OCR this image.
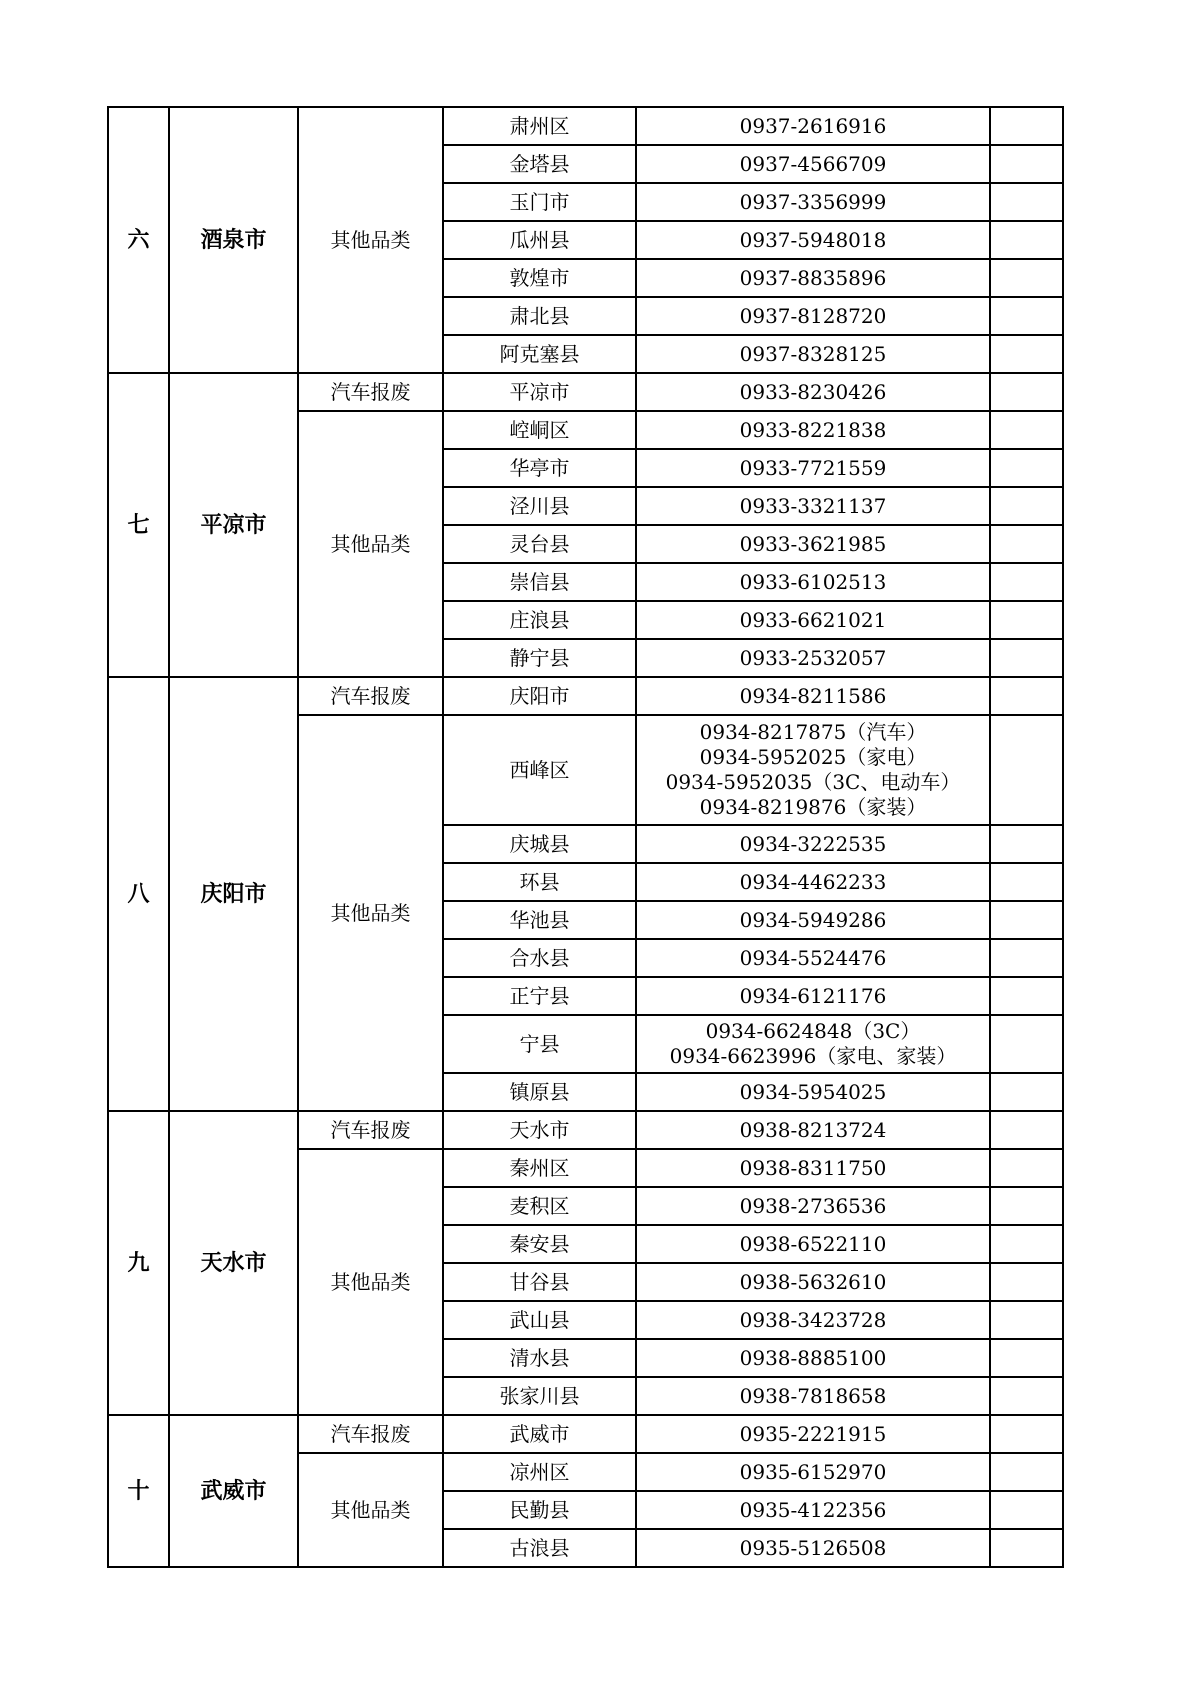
六	酒泉市	其他品类	肃州区	0937-2616916	

			金塔县	0937-4566709	

			玉门市	0937-3356999	

			瓜州县	0937-5948018	

			敦煌市	0937-8835896	

			肃北县	0937-8128720	

			阿克塞县	0937-8328125	

七	平凉市	汽车报废	平凉市	0933-8230426	

		其他品类	崆峒区	0933-8221838	

			华亭市	0933-7721559	

			泾川县	0933-3321137	

			灵台县	0933-3621985	

			崇信县	0933-6102513	

			庄浪县	0933-6621021	

			静宁县	0933-2532057	

八	庆阳市	汽车报废	庆阳市	0934-8211586	

		其他品类	西峰区	0934-8217875（汽车）
0934-5952025（家电）
0934-5952035（3C、电动车）
0934-8219876（家装）	

			庆城县	0934-3222535	

			环县	0934-4462233	

			华池县	0934-5949286	

			合水县	0934-5524476	

			正宁县	0934-6121176	

			宁县	0934-6624848（3C）
0934-6623996（家电、家装）	

			镇原县	0934-5954025	

九	天水市	汽车报废	天水市	0938-8213724	

		其他品类	秦州区	0938-8311750	

			麦积区	0938-2736536	

			秦安县	0938-6522110	

			甘谷县	0938-5632610	

			武山县	0938-3423728	

			清水县	0938-8885100	

			张家川县	0938-7818658	

十	武威市	汽车报废	武威市	0935-2221915	

		其他品类	凉州区	0935-6152970	

			民勤县	0935-4122356	

			古浪县	0935-5126508	
